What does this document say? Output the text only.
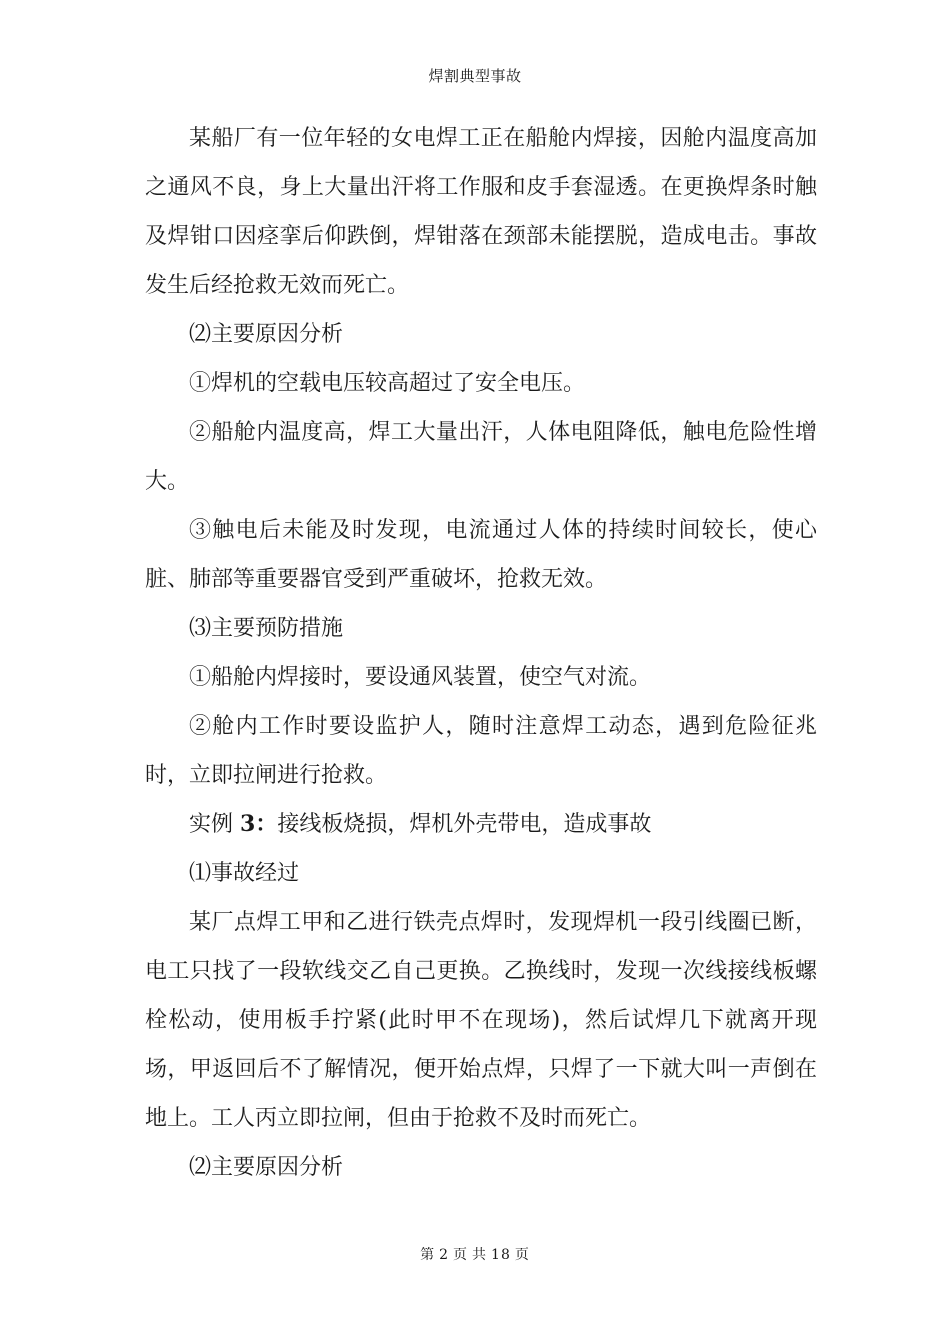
焊割典型事故

某船厂有一位年轻的女电焊工正在船舱内焊接，因舱内温度高加之通风不良，身上大量出汗将工作服和皮手套湿透。在更换焊条时触及焊钳口因痉挛后仰跌倒，焊钳落在颈部未能摆脱，造成电击。事故发生后经抢救无效而死亡。

⑵主要原因分析

①焊机的空载电压较高超过了安全电压。

②船舱内温度高，焊工大量出汗，人体电阻降低，触电危险性增大。

③触电后未能及时发现，电流通过人体的持续时间较长，使心脏、肺部等重要器官受到严重破坏，抢救无效。

⑶主要预防措施

①船舱内焊接时，要设通风装置，使空气对流。

②舱内工作时要设监护人，随时注意焊工动态，遇到危险征兆时，立即拉闸进行抢救。

实例 3：接线板烧损，焊机外壳带电，造成事故

⑴事故经过

某厂点焊工甲和乙进行铁壳点焊时，发现焊机一段引线圈已断，电工只找了一段软线交乙自己更换。乙换线时，发现一次线接线板螺栓松动，使用板手拧紧(此时甲不在现场)，然后试焊几下就离开现场，甲返回后不了解情况，便开始点焊，只焊了一下就大叫一声倒在地上。工人丙立即拉闸，但由于抢救不及时而死亡。

⑵主要原因分析

第 2 页 共 18 页
